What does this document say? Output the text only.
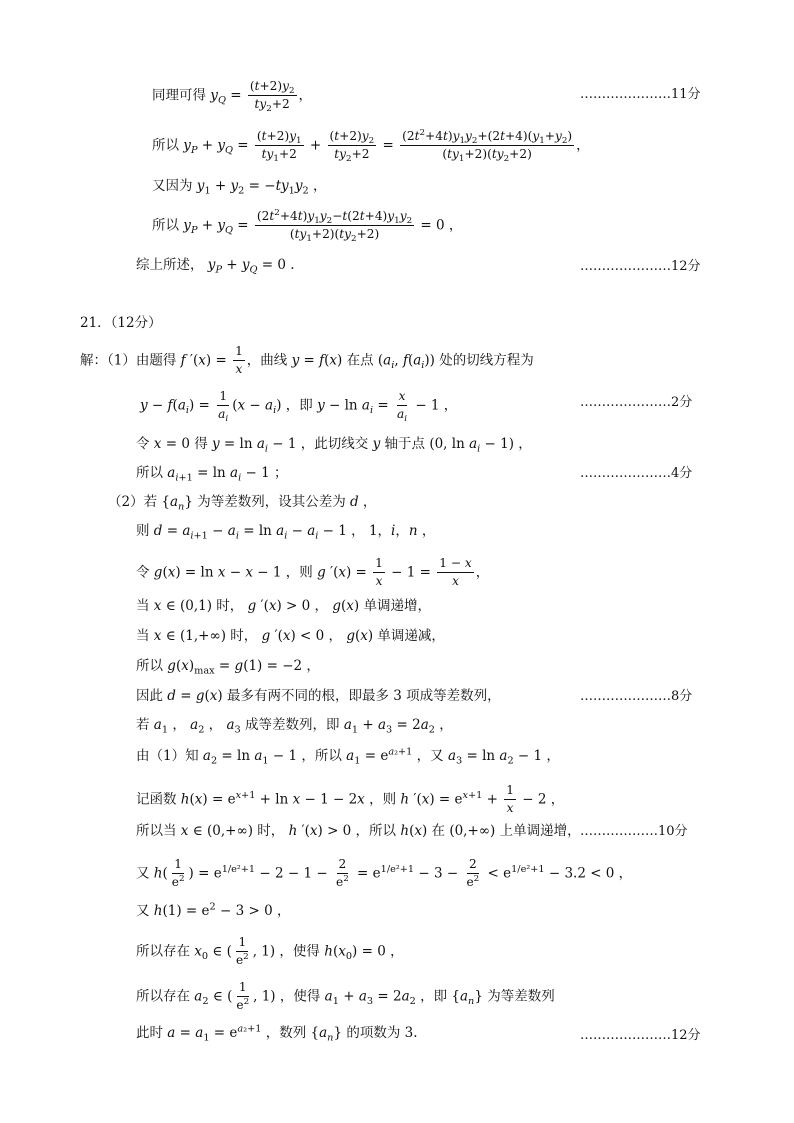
同理可得 $y_Q = \frac{(t+2)y_2}{ty_2+2}$ ，	…………………11分
所以 $y_P + y_Q = \frac{(t+2)y_1}{ty_1+2} + \frac{(t+2)y_2}{ty_2+2} = \frac{(2t^2+4t)y_1y_2+(2t+4)(y_1+y_2)}{(ty_1+2)(ty_2+2)}$ ，
又因为 $y_1 + y_2 = -ty_1y_2$ ，
所以 $y_P + y_Q = \frac{(2t^2+4t)y_1y_2-t(2t+4)y_1y_2}{(ty_1+2)(ty_2+2)} = 0$ ，
综上所述， $y_P + y_Q = 0$ .	…………………12分
21．（12分）
解：（1）由题得 f $'(x) = \frac{1}{x}$ ，曲线 y = f(x) 在点 ($a_i$, $f(a_i)$) 处的切线方程为
$y - f(a_i) = \frac{1}{a_i} (x - a_i)$ ，即 $y - \ln a_i = \frac{x}{a_i} - 1$ ，	…………………2分
令 x = 0 得 $y = \ln a_i - 1$ ，此切线交 y 轴于点 (0, $\ln a_i - 1$) ，
所以 $a_{i+1} = \ln a_i - 1$ ；	…………………4分
（2）若 $\{a_n\}$ 为等差数列，设其公差为 d ，
则 $d = a_{i+1} - a_i = \ln a_i - a_i - 1$ ， 1，i，n ，
令 g(x) = ln x − x − 1 ，则 g $'(x) = \frac{1}{x} - 1 = \frac{1 - x}{x}$ ，
当 x ∈ (0,1) 时， g ′(x) > 0 ， g(x) 单调递增，
当 x ∈ (1,+∞) 时， g ′(x) < 0 ， g(x) 单调递减，
所以 $g(x)_{max} = g(1) = -2$ ，
因此 d = g(x) 最多有两不同的根，即最多 3 项成等差数列，	…………………8分
若 $a_1$ ， $a_2$ ， $a_3$ 成等差数列，即 $a_1 + a_3 = 2a_2$ ，
由（1）知 $a_2 = \ln a_1 - 1$ ，所以 $a_1 = e^{a_2+1}$ ，又 $a_3 = \ln a_2 - 1$ ，
记函数 $h(x) = e^{x+1} + \ln x - 1 - 2x$ ，则 h $'(x) = e^{x+1} + \frac{1}{x} - 2$ ，
所以当 x ∈ (0,+∞) 时， h ′(x) > 0 ，所以 h(x) 在 (0,+∞) 上单调递增， ………………10分
又 $h( \frac{1}{e^2}$ ) = $e^{1/e^2+1} - 2 - 1 - \frac{2}{e^2} = e^{1/e^2+1} - 3 - \frac{2}{e^2} < e^{1/e^2+1} - 3.2 < 0$ ，
又 $h(1) = e^2 - 3 > 0$ ，
所以存在 $x_0$ ∈ ( $\frac{1}{e^2}$ , 1) ，使得 $h(x_0) = 0$ ，
所以存在 $a_2$ ∈ ( $\frac{1}{e^2}$ , 1) ，使得 $a_1 + a_3 = 2a_2$ ，即 $\{a_n\}$ 为等差数列
此时 $a = a_1 = e^{a_2+1}$ ，数列 $\{a_n\}$ 的项数为 3.	…………………12分
